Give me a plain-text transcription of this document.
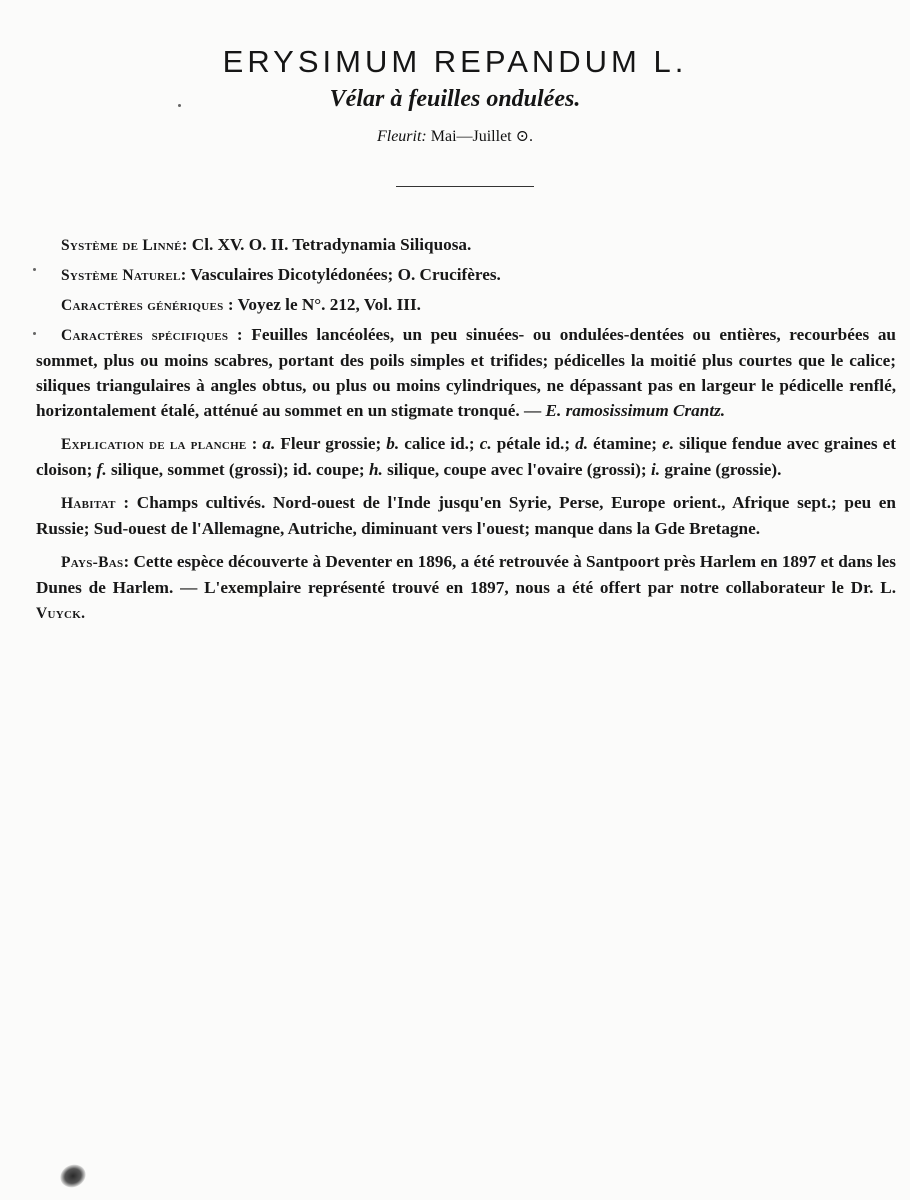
ERYSIMUM REPANDUM L.
Vélar à feuilles ondulées.
Fleurit: Mai—Juillet ⊙.

Système de Linné: Cl. XV. O. II. Tetradynamia Siliquosa.

Système Naturel: Vasculaires Dicotylédonées; O. Crucifères.

Caractères génériques : Voyez le N°. 212, Vol. III.

Caractères spécifiques : Feuilles lancéolées, un peu sinuées- ou ondulées-dentées ou entières, recourbées au sommet, plus ou moins scabres, portant des poils simples et trifides; pédicelles la moitié plus courtes que le calice; siliques triangulaires à angles obtus, ou plus ou moins cylindriques, ne dépassant pas en largeur le pédicelle renflé, horizontalement étalé, atténué au sommet en un stigmate tronqué. — E. ramosissimum Crantz.

Explication de la planche : a. Fleur grossie; b. calice id.; c. pétale id.; d. étamine; e. silique fendue avec graines et cloison; f. silique, sommet (grossi); id. coupe; h. silique, coupe avec l'ovaire (grossi); i. graine (grossie).

Habitat : Champs cultivés. Nord-ouest de l'Inde jusqu'en Syrie, Perse, Europe orient., Afrique sept.; peu en Russie; Sud-ouest de l'Allemagne, Autriche, diminuant vers l'ouest; manque dans la Gde Bretagne.

Pays-Bas: Cette espèce découverte à Deventer en 1896, a été retrouvée à Santpoort près Harlem en 1897 et dans les Dunes de Harlem. — L'exemplaire représenté trouvé en 1897, nous a été offert par notre collaborateur le Dr. L. Vuyck.
